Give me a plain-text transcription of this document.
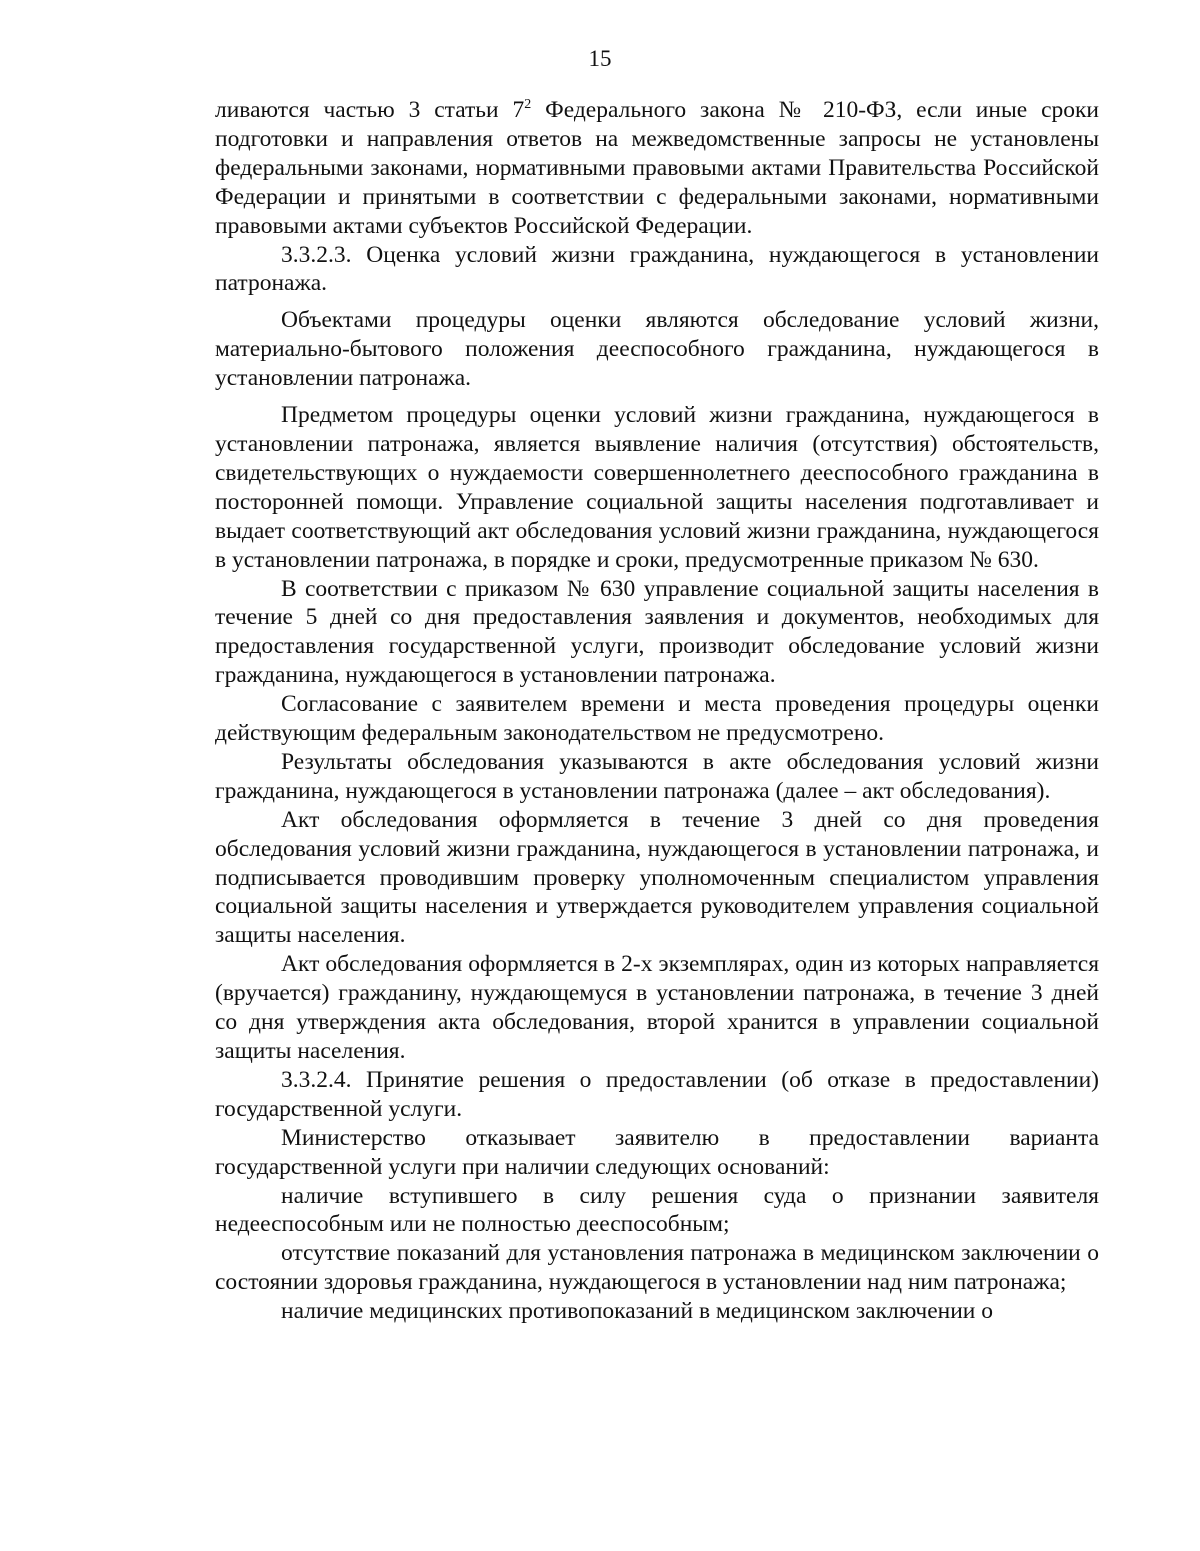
15

ливаются частью 3 статьи $7^2$ Федерального закона № 210-ФЗ, если иные сроки подготовки и направления ответов на межведомственные запросы не установлены федеральными законами, нормативными правовыми актами Правительства Российской Федерации и принятыми в соответствии с федеральными законами, нормативными правовыми актами субъектов Российской Федерации.

3.3.2.3. Оценка условий жизни гражданина, нуждающегося в установлении патронажа.

Объектами процедуры оценки являются обследование условий жизни, материально-бытового положения дееспособного гражданина, нуждающегося в установлении патронажа.

Предметом процедуры оценки условий жизни гражданина, нуждающегося в установлении патронажа, является выявление наличия (отсутствия) обстоятельств, свидетельствующих о нуждаемости совершеннолетнего дееспособного гражданина в посторонней помощи. Управление социальной защиты населения подготавливает и выдает соответствующий акт обследования условий жизни гражданина, нуждающегося в установлении патронажа, в порядке и сроки, предусмотренные приказом № 630.

В соответствии с приказом № 630 управление социальной защиты населения в течение 5 дней со дня предоставления заявления и документов, необходимых для предоставления государственной услуги, производит обследование условий жизни гражданина, нуждающегося в установлении патронажа.

Согласование с заявителем времени и места проведения процедуры оценки действующим федеральным законодательством не предусмотрено.

Результаты обследования указываются в акте обследования условий жизни гражданина, нуждающегося в установлении патронажа (далее – акт обследования).

Акт обследования оформляется в течение 3 дней со дня проведения обследования условий жизни гражданина, нуждающегося в установлении патронажа, и подписывается проводившим проверку уполномоченным специалистом управления социальной защиты населения и утверждается руководителем управления социальной защиты населения.

Акт обследования оформляется в 2-х экземплярах, один из которых направляется (вручается) гражданину, нуждающемуся в установлении патронажа, в течение 3 дней со дня утверждения акта обследования, второй хранится в управлении социальной защиты населения.

3.3.2.4. Принятие решения о предоставлении (об отказе в предоставлении) государственной услуги.

Министерство отказывает заявителю в предоставлении варианта государственной услуги при наличии следующих оснований:

наличие вступившего в силу решения суда о признании заявителя недееспособным или не полностью дееспособным;

отсутствие показаний для установления патронажа в медицинском заключении о состоянии здоровья гражданина, нуждающегося в установлении над ним патронажа;

наличие медицинских противопоказаний в медицинском заключении о
